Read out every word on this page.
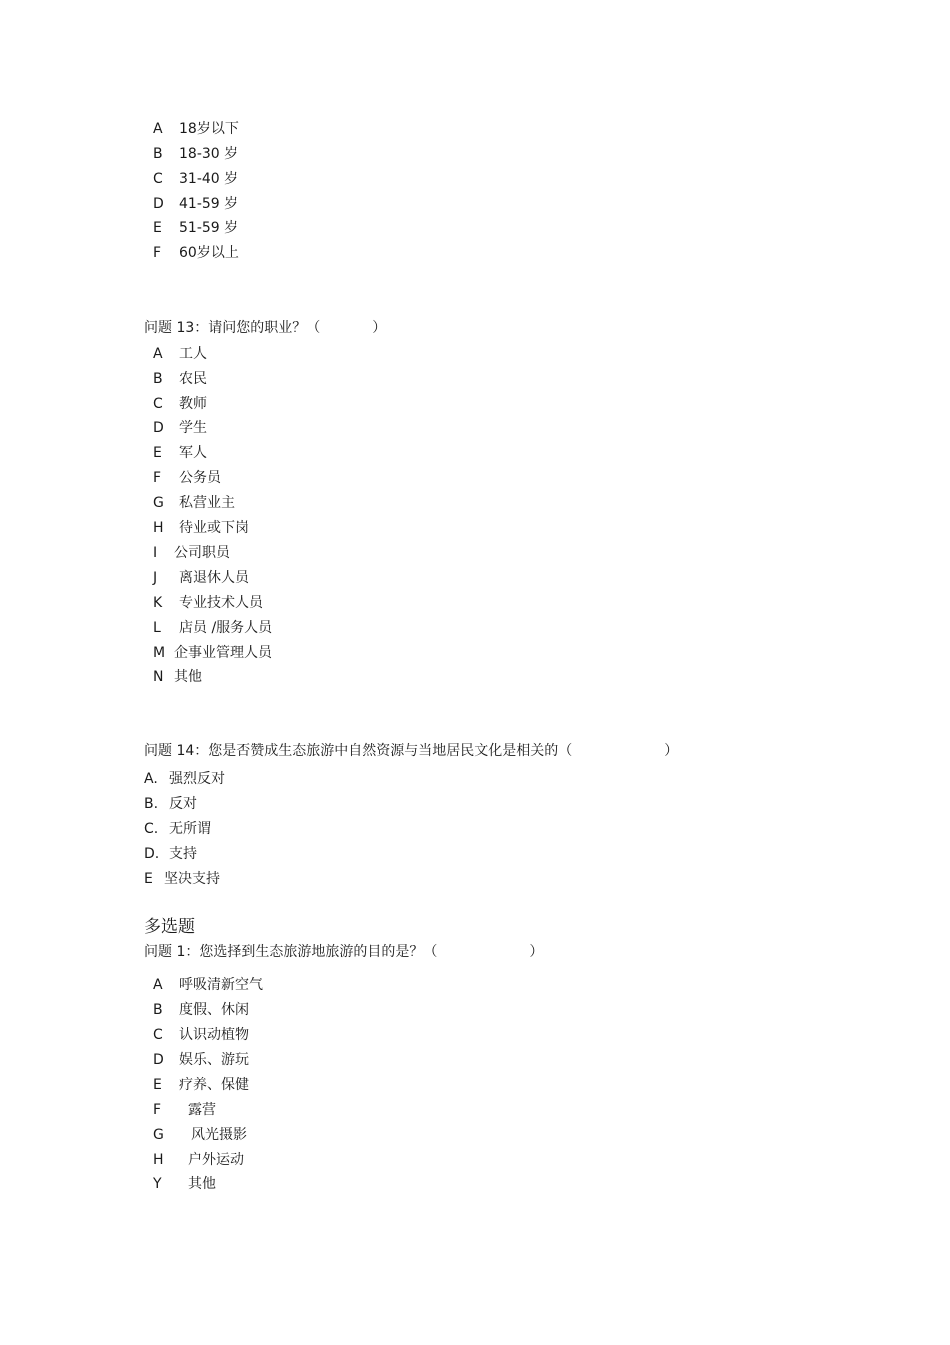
A 18岁以下
B 18-30 岁
C 31-40 岁
D 41-59 岁
E 51-59 岁
F 60岁以上
问题 13：请问您的职业？（	）
A 工人
B 农民
C 教师
D 学生
E 军人
F 公务员
G 私营业主
H 待业或下岗
I 公司职员
J 离退休人员
K 专业技术人员
L 店员 /服务人员
M 企事业管理人员
N 其他
问题 14：您是否赞成生态旅游中自然资源与当地居民文化是相关的（	）
A. 强烈反对
B. 反对
C. 无所谓
D. 支持
E 坚决支持
多选题
问题 1：您选择到生态旅游地旅游的目的是？（	）
A 呼吸清新空气
B 度假、休闲
C 认识动植物
D 娱乐、游玩
E 疗养、保健
F 露营
G 风光摄影
H 户外运动
Y 其他
